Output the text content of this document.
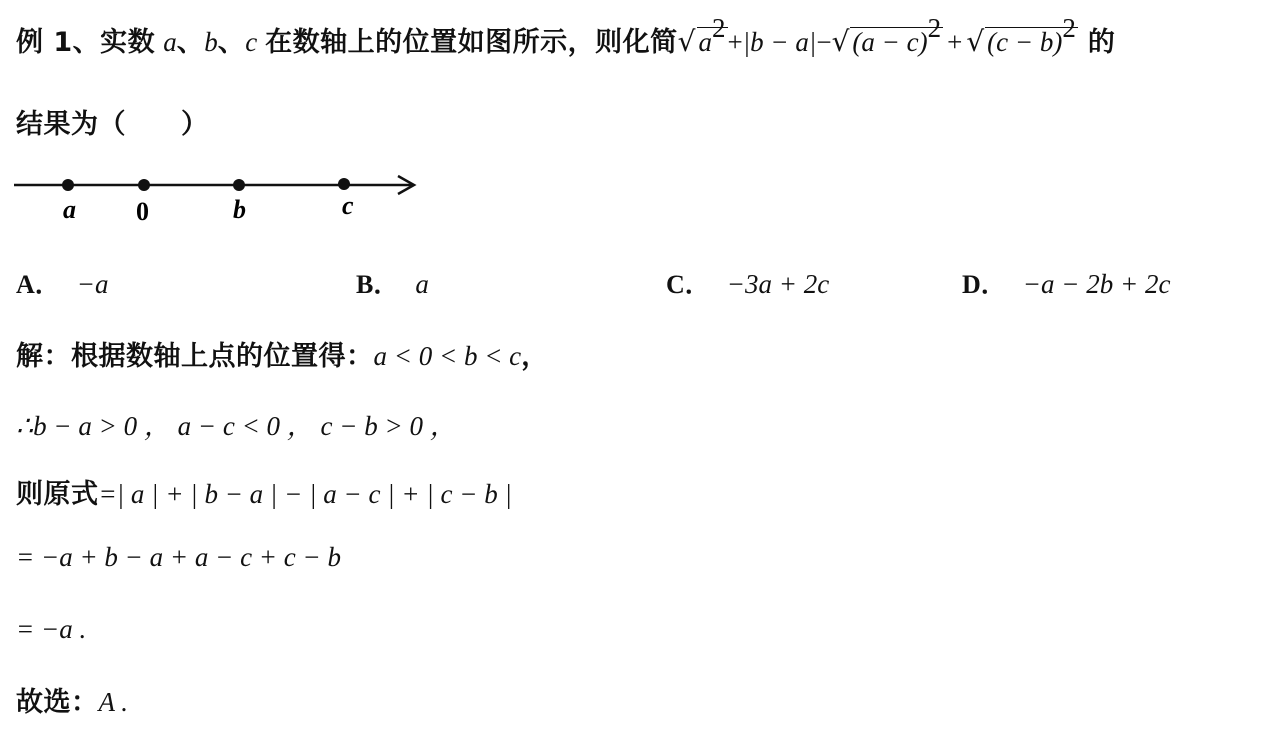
例 1、实数 a、b、c 在数轴上的位置如图所示，则化简√ $a^2+|b - a|-√$ $(a - c)^2$ + √ $(c - b)^2$ 的
结果为（　　）
a 0	b	c
A． −a	B． a	C． −3a + 2c	D． −a − 2b + 2c
解：根据数轴上点的位置得：a < 0 < b < c，
∴b − a > 0 ， a − c < 0 ， c − b > 0 ，
则原式=| a | + | b − a | − | a − c | + | c − b |
= −a + b − a + a − c + c − b
= −a .
故选：A .
